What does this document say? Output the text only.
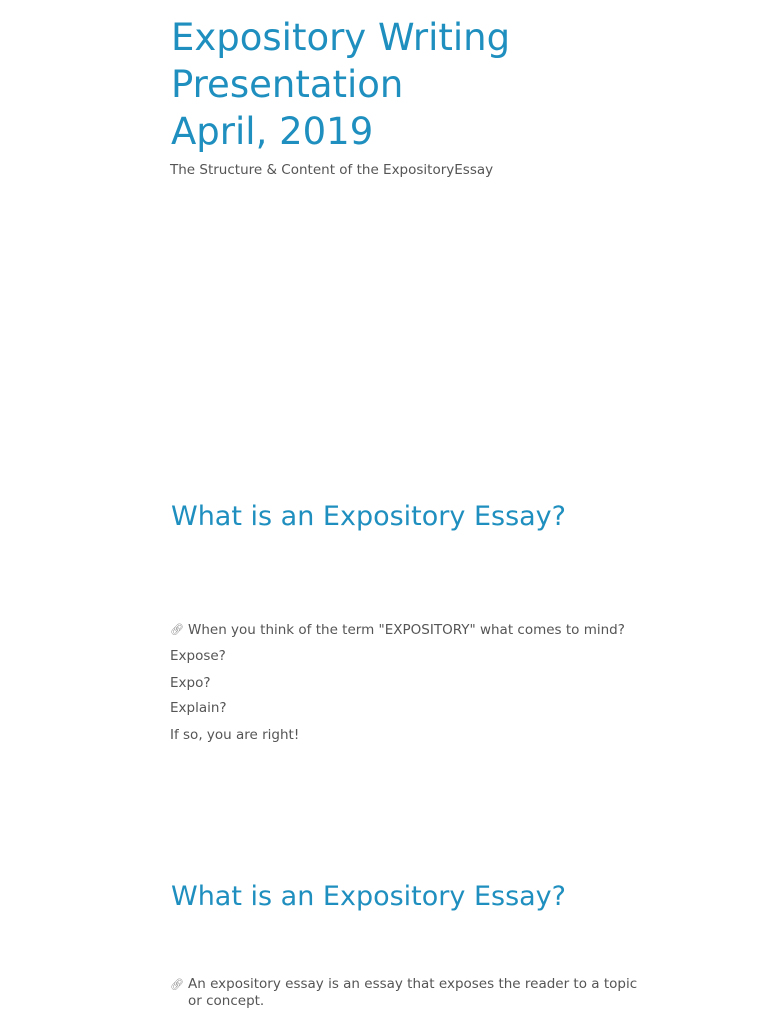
Expository Writing
Presentation
April, 2019

The Structure & Content of the ExpositoryEssay

What is an Expository Essay?
🔗︎ When you think of the term "EXPOSITORY" what comes to mind?
Expose?
Expo?
Explain?
If so, you are right!
What is an Expository Essay?
🔗︎ An expository essay is an essay that exposes the reader to a topic or concept.
